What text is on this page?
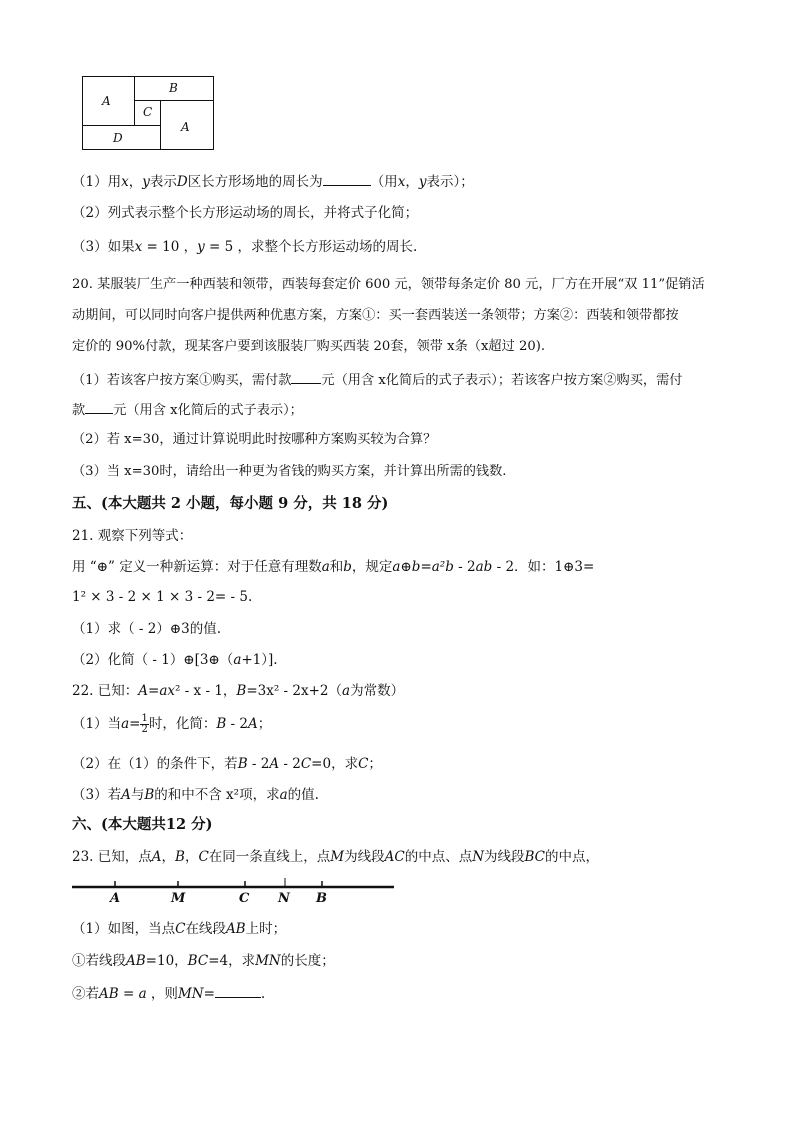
A
B
C
A
D
（1）用x，y表示D区长方形场地的周长为	（用x，y表示）；
（2）列式表示整个长方形运动场的周长，并将式子化简；
（3）如果x = 10 ，y = 5 ，求整个长方形运动场的周长.
20. 某服装厂生产一种西装和领带，西装每套定价 600 元，领带每条定价 80 元，厂方在开展“双 11”促销活
动期间，可以同时向客户提供两种优惠方案，方案①：买一套西装送一条领带；方案②：西装和领带都按
定价的 90%付款，现某客户要到该服装厂购买西装 20套，领带 x条（x超过 20).
（1）若该客户按方案①购买，需付款 元（用含 x化简后的式子表示）；若该客户按方案②购买，需付
款 元（用含 x化简后的式子表示）；
（2）若 x=30，通过计算说明此时按哪种方案购买较为合算？
（3）当 x=30时，请给出一种更为省钱的购买方案，并计算出所需的钱数.
五、(本大题共 2 小题，每小题 9 分，共 18 分)
21. 观察下列等式：
用 “⊕” 定义一种新运算：对于任意有理数a和b，规定a⊕b=a²b - 2ab - 2．如：1⊕3=
1² × 3 - 2 × 1 × 3 - 2= - 5.
（1）求（ - 2）⊕3的值.
（2）化简（ - 1）⊕[3⊕（a+1）].
22. 已知：A=ax² - x - 1，B=3x² - 2x+2（a为常数）
（1）当$a= \frac{1}{2}$ 时，化简：B - 2A；
（2）在（1）的条件下，若B - 2A - 2C=0，求C；
（3）若A与B的和中不含 x²项，求a的值.
六、(本大题共12 分)
23. 已知，点A，B，C在同一条直线上，点M为线段AC的中点、点N为线段BC的中点，
A	M	C N B
（1）如图，当点C在线段AB上时；
①若线段AB=10，BC=4，求MN的长度；
②若AB = a ，则MN=	.
